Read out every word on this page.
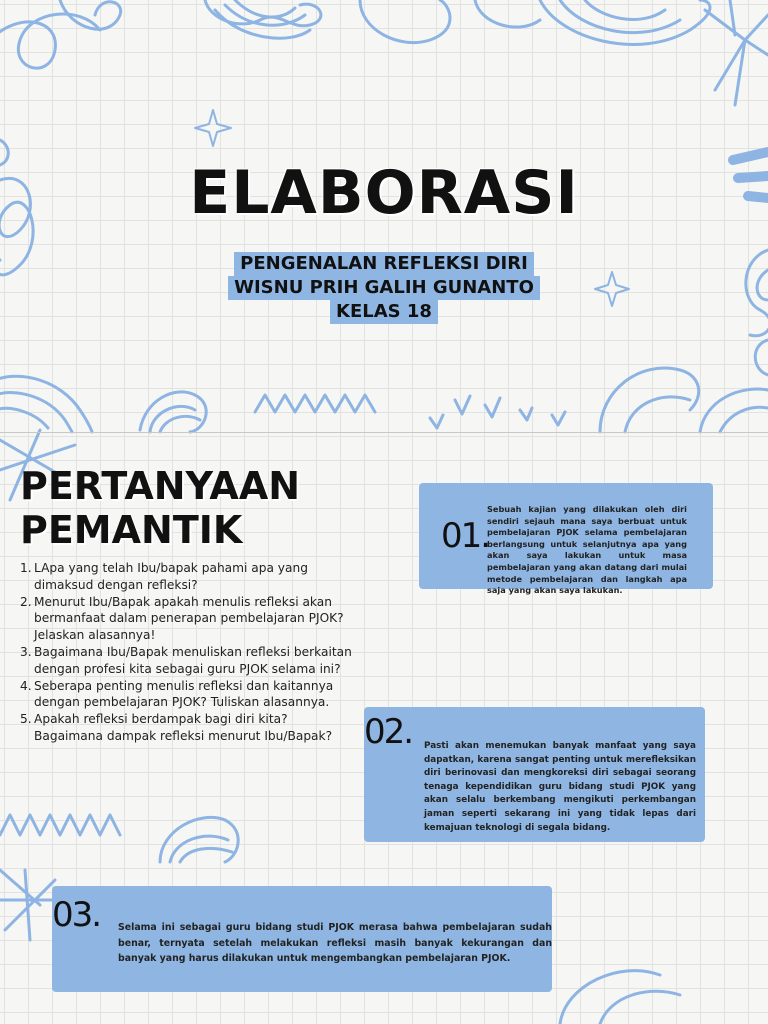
ELABORASI
PENGENALAN REFLEKSI DIRI
WISNU PRIH GALIH GUNANTO
KELAS 18
PERTANYAAN
PEMANTIK
1. LApa yang telah Ibu/bapak pahami apa yang dimaksud dengan refleksi?
2. Menurut Ibu/Bapak apakah menulis refleksi akan bermanfaat dalam penerapan pembelajaran PJOK? Jelaskan alasannya!
3. Bagaimana Ibu/Bapak menuliskan refleksi berkaitan dengan profesi kita sebagai guru PJOK selama ini?
4. Seberapa penting menulis refleksi dan kaitannya dengan pembelajaran PJOK? Tuliskan alasannya.
5. Apakah refleksi berdampak bagi diri kita? Bagaimana dampak refleksi menurut Ibu/Bapak?
01.
Sebuah kajian yang dilakukan oleh diri sendiri sejauh mana saya berbuat untuk pembelajaran PJOK selama pembelajaran berlangsung untuk selanjutnya apa yang akan saya lakukan untuk masa pembelajaran yang akan datang dari mulai metode pembelajaran dan langkah apa saja yang akan saya lakukan.
02. Pasti akan menemukan banyak manfaat yang saya dapatkan, karena sangat penting untuk merefleksikan diri berinovasi dan mengkoreksi diri sebagai seorang tenaga kependidikan guru bidang studi PJOK yang akan selalu berkembang mengikuti perkembangan jaman seperti sekarang ini yang tidak lepas dari kemajuan teknologi di segala bidang.
03. Selama ini sebagai guru bidang studi PJOK merasa bahwa pembelajaran sudah benar, ternyata setelah melakukan refleksi masih banyak kekurangan dan banyak yang harus dilakukan untuk mengembangkan pembelajaran PJOK.
